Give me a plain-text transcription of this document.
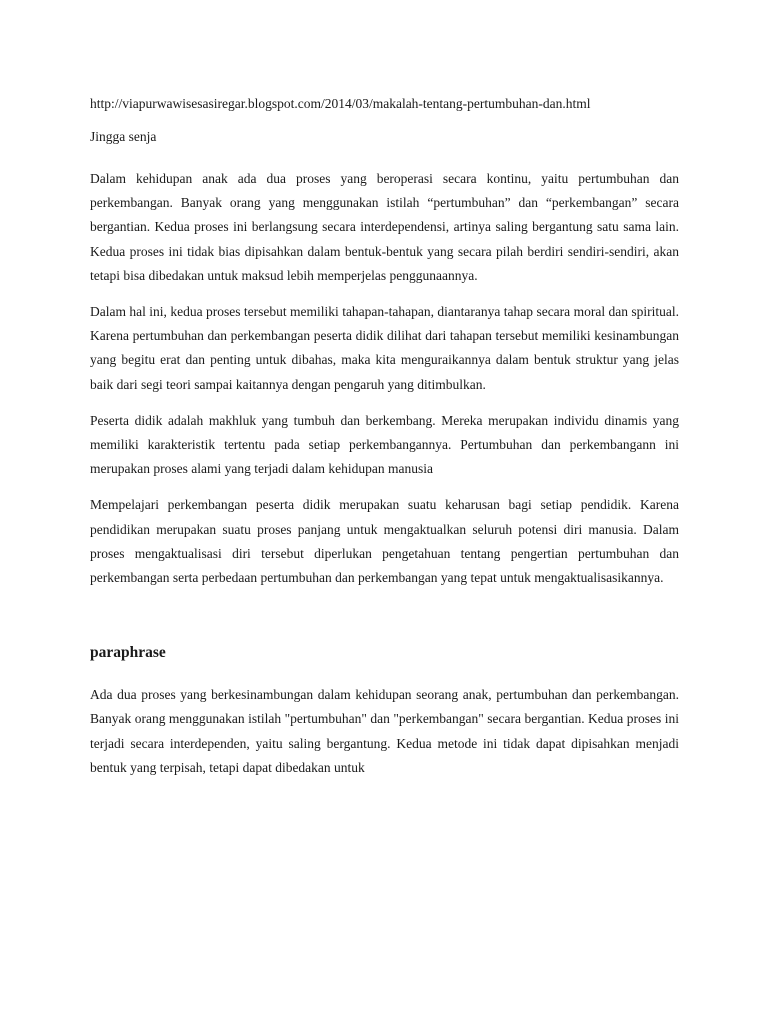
http://viapurwawisesasiregar.blogspot.com/2014/03/makalah-tentang-pertumbuhan-dan.html

Jingga senja

Dalam kehidupan anak ada dua proses yang beroperasi secara kontinu, yaitu pertumbuhan dan perkembangan. Banyak orang yang menggunakan istilah “pertumbuhan” dan “perkembangan” secara bergantian. Kedua proses ini berlangsung secara interdependensi, artinya saling bergantung satu sama lain. Kedua proses ini tidak bias dipisahkan dalam bentuk-bentuk yang secara pilah berdiri sendiri-sendiri, akan tetapi bisa dibedakan untuk maksud lebih memperjelas penggunaannya.

Dalam hal ini, kedua proses tersebut memiliki tahapan-tahapan, diantaranya tahap secara moral dan spiritual. Karena pertumbuhan dan perkembangan peserta didik dilihat dari tahapan tersebut memiliki kesinambungan yang begitu erat dan penting untuk dibahas, maka kita menguraikannya dalam bentuk struktur yang jelas baik dari segi teori sampai kaitannya dengan pengaruh yang ditimbulkan.

Peserta didik adalah makhluk yang tumbuh dan berkembang. Mereka merupakan individu dinamis yang memiliki karakteristik tertentu pada setiap perkembangannya. Pertumbuhan dan perkembangann ini merupakan proses alami yang terjadi dalam kehidupan manusia

Mempelajari perkembangan peserta didik merupakan suatu keharusan bagi setiap pendidik. Karena pendidikan merupakan suatu proses panjang untuk mengaktualkan seluruh potensi diri manusia. Dalam proses mengaktualisasi diri tersebut diperlukan pengetahuan tentang pengertian pertumbuhan dan perkembangan serta perbedaan pertumbuhan dan perkembangan yang tepat untuk mengaktualisasikannya.

paraphrase

Ada dua proses yang berkesinambungan dalam kehidupan seorang anak, pertumbuhan dan perkembangan. Banyak orang menggunakan istilah "pertumbuhan" dan "perkembangan" secara bergantian. Kedua proses ini terjadi secara interdependen, yaitu saling bergantung. Kedua metode ini tidak dapat dipisahkan menjadi bentuk yang terpisah, tetapi dapat dibedakan untuk
